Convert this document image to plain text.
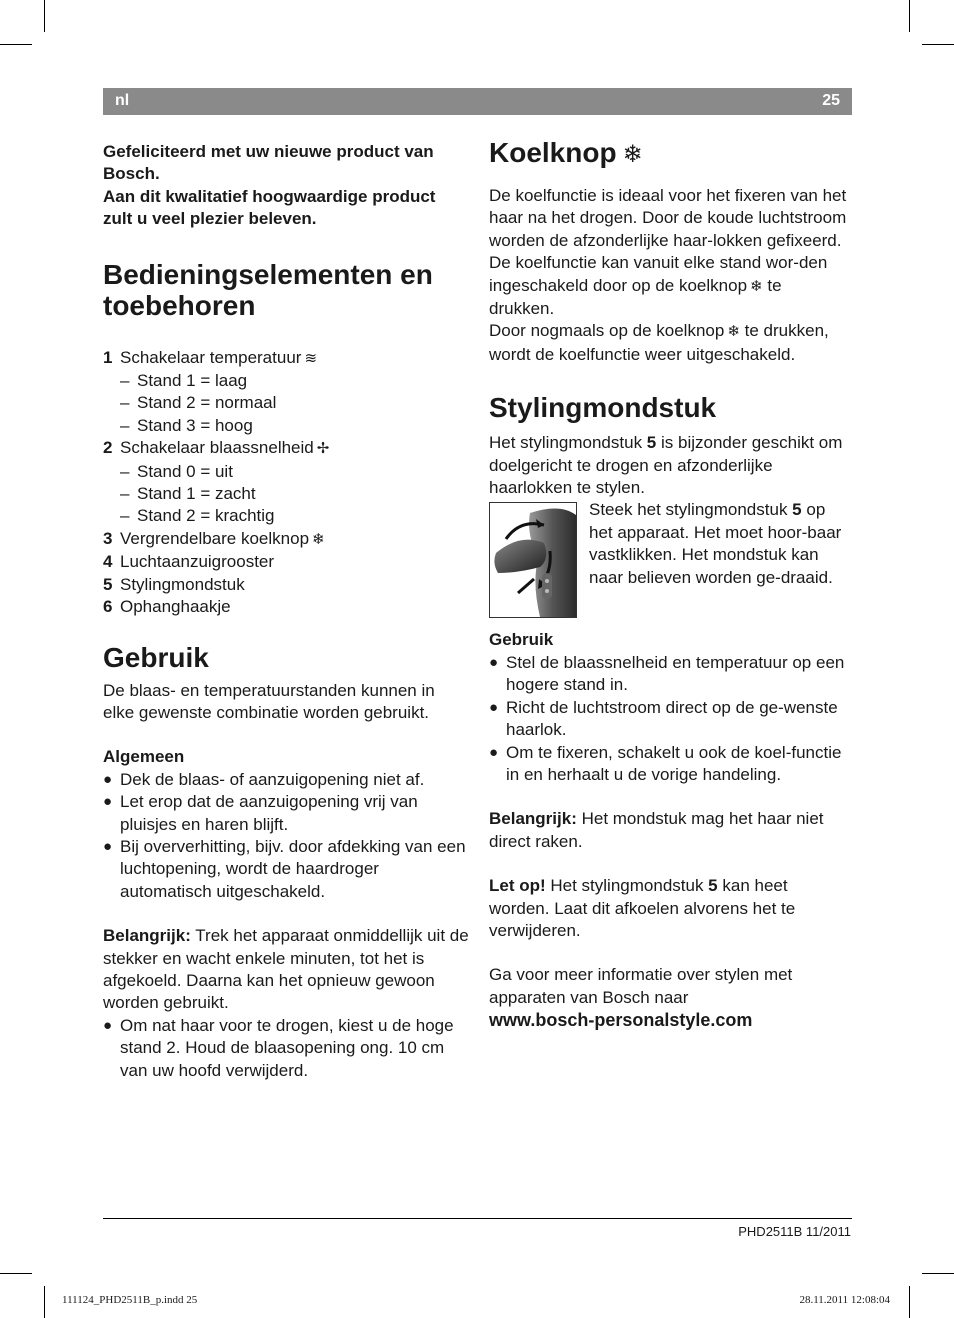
nl	25

Gefeliciteerd met uw nieuwe product van Bosch.

Aan dit kwalitatief hoogwaardige product zult u veel plezier beleven.

Bedieningselementen en toebehoren
1 Schakelaar temperatuur ≋
– Stand 1 = laag
– Stand 2 = normaal
– Stand 3 = hoog
2 Schakelaar blaassnelheid ✢
– Stand 0 = uit
– Stand 1 = zacht
– Stand 2 = krachtig
3 Vergrendelbare koelknop ❄
4 Luchtaanzuigrooster
5 Stylingmondstuk
6 Ophanghaakje
Gebruik

De blaas- en temperatuurstanden kunnen in elke gewenste combinatie worden gebruikt.

Algemeen
● Dek de blaas- of aanzuigopening niet af.
● Let erop dat de aanzuigopening vrij van pluisjes en haren blijft.
● Bij oververhitting, bijv. door afdekking van een luchtopening, wordt de haardroger automatisch uitgeschakeld.

Belangrijk: Trek het apparaat onmiddellijk uit de stekker en wacht enkele minuten, tot het is afgekoeld. Daarna kan het opnieuw gewoon worden gebruikt.

● Om nat haar voor te drogen, kiest u de hoge stand 2. Houd de blaasopening ong. 10 cm van uw hoofd verwijderd.
Koelknop ❄

De koelfunctie is ideaal voor het fixeren van het haar na het drogen. Door de koude luchtstroom worden de afzonderlijke haar-lokken gefixeerd.

De koelfunctie kan vanuit elke stand wor-den ingeschakeld door op de koelknop ❄ te drukken.

Door nogmaals op de koelknop ❄ te drukken, wordt de koelfunctie weer uitgeschakeld.

Stylingmondstuk

Het stylingmondstuk 5 is bijzonder geschikt om doelgericht te drogen en afzonderlijke haarlokken te stylen.

Steek het stylingmondstuk 5 op het apparaat. Het moet hoor-baar vastklikken. Het mondstuk kan naar believen worden ge-draaid.

Gebruik
● Stel de blaassnelheid en temperatuur op een hogere stand in.
● Richt de luchtstroom direct op de ge-wenste haarlok.
● Om te fixeren, schakelt u ook de koel-functie in en herhaalt u de vorige handeling.

Belangrijk: Het mondstuk mag het haar niet direct raken.

Let op! Het stylingmondstuk 5 kan heet worden. Laat dit afkoelen alvorens het te verwijderen.

Ga voor meer informatie over stylen met apparaten van Bosch naar

www.bosch-personalstyle.com

PHD2511B 11/2011
111124_PHD2511B_p.indd 25	28.11.2011 12:08:04
